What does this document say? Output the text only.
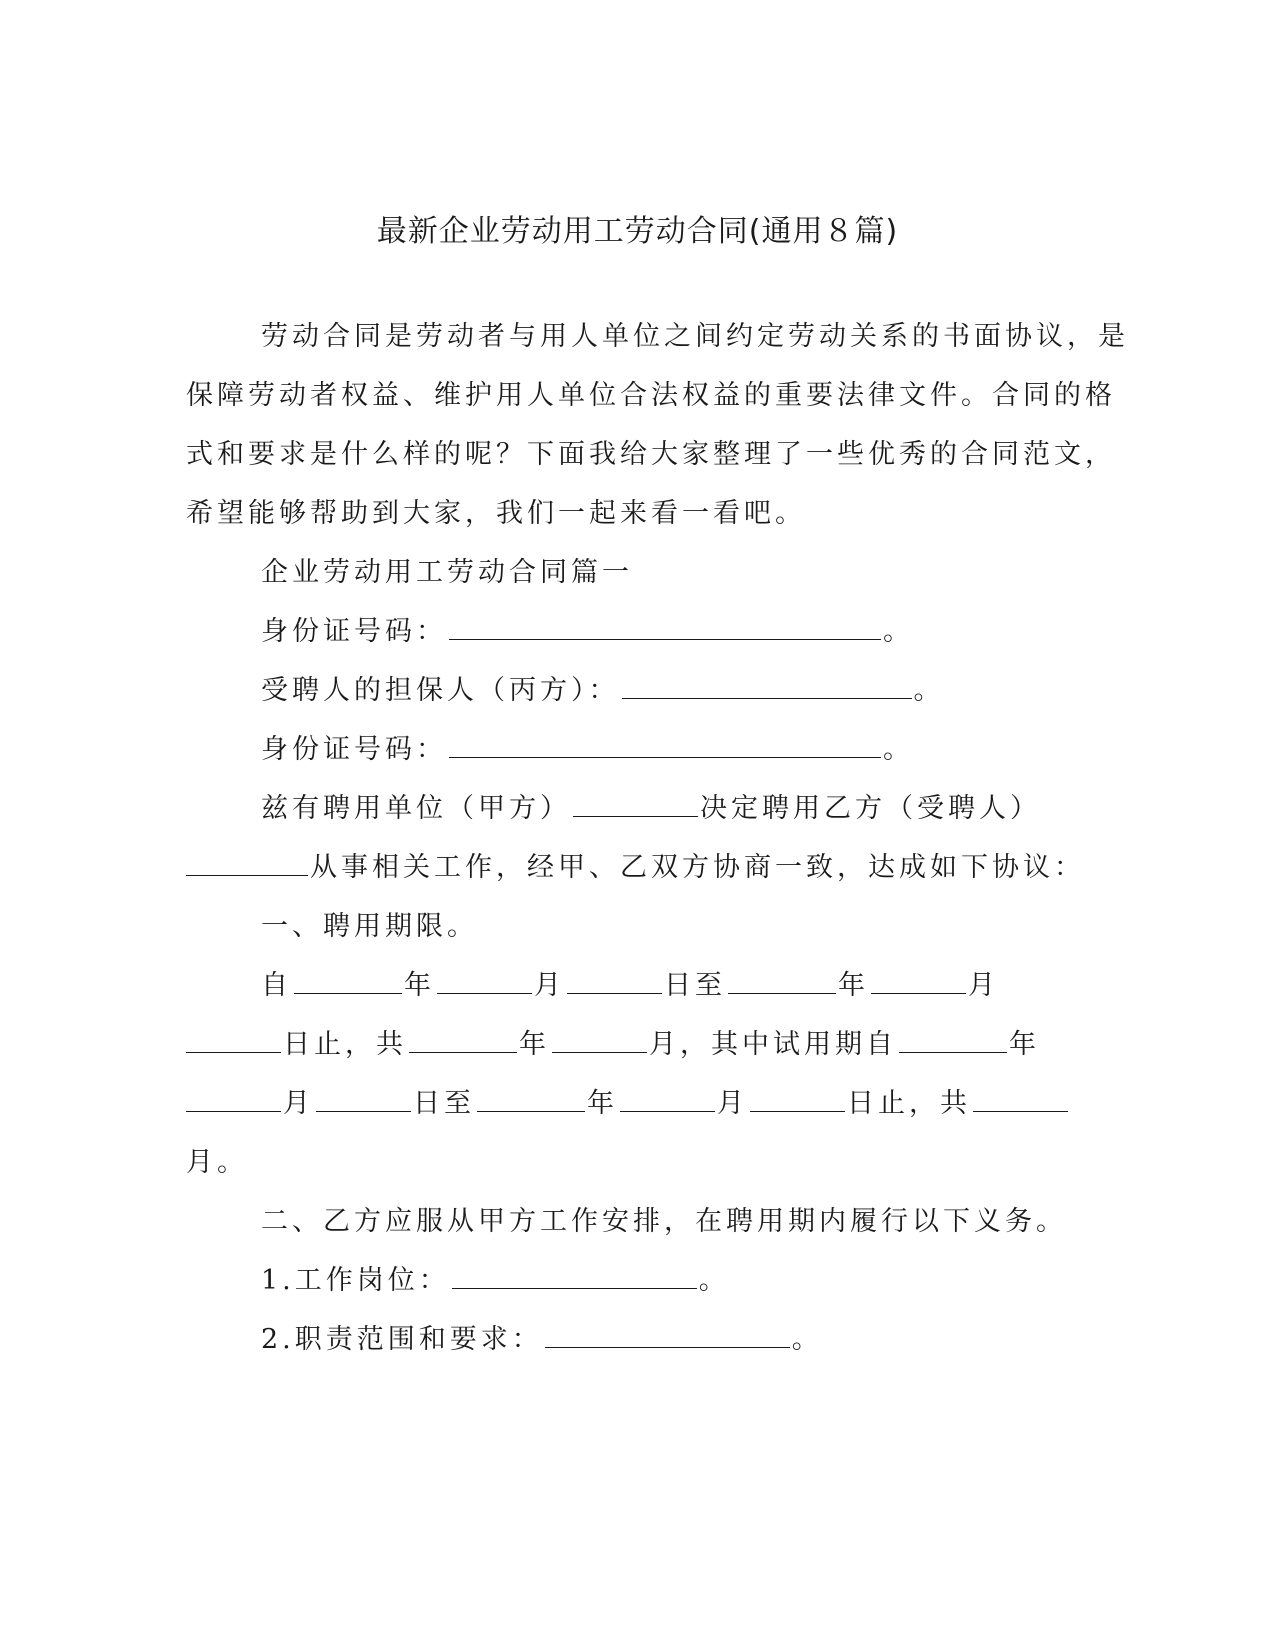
最新企业劳动用工劳动合同(通用８篇)
劳动合同是劳动者与用人单位之间约定劳动关系的书面协议，是
保障劳动者权益、维护用人单位合法权益的重要法律文件。合同的格
式和要求是什么样的呢？下面我给大家整理了一些优秀的合同范文，
希望能够帮助到大家，我们一起来看一看吧。
企业劳动用工劳动合同篇一
身份证号码：	。
受聘人的担保人（丙方）：	。
身份证号码：	。
兹有聘用单位（甲方）	决定聘用乙方（受聘人）
从事相关工作，经甲、乙双方协商一致，达成如下协议：
一、聘用期限。
自	年	月	日至	年	月
日止，共	年	月，其中试用期自	年
月	日至	年	月	日止，共
月。
二、乙方应服从甲方工作安排，在聘用期内履行以下义务。
1.工作岗位：	。
2.职责范围和要求：	。
